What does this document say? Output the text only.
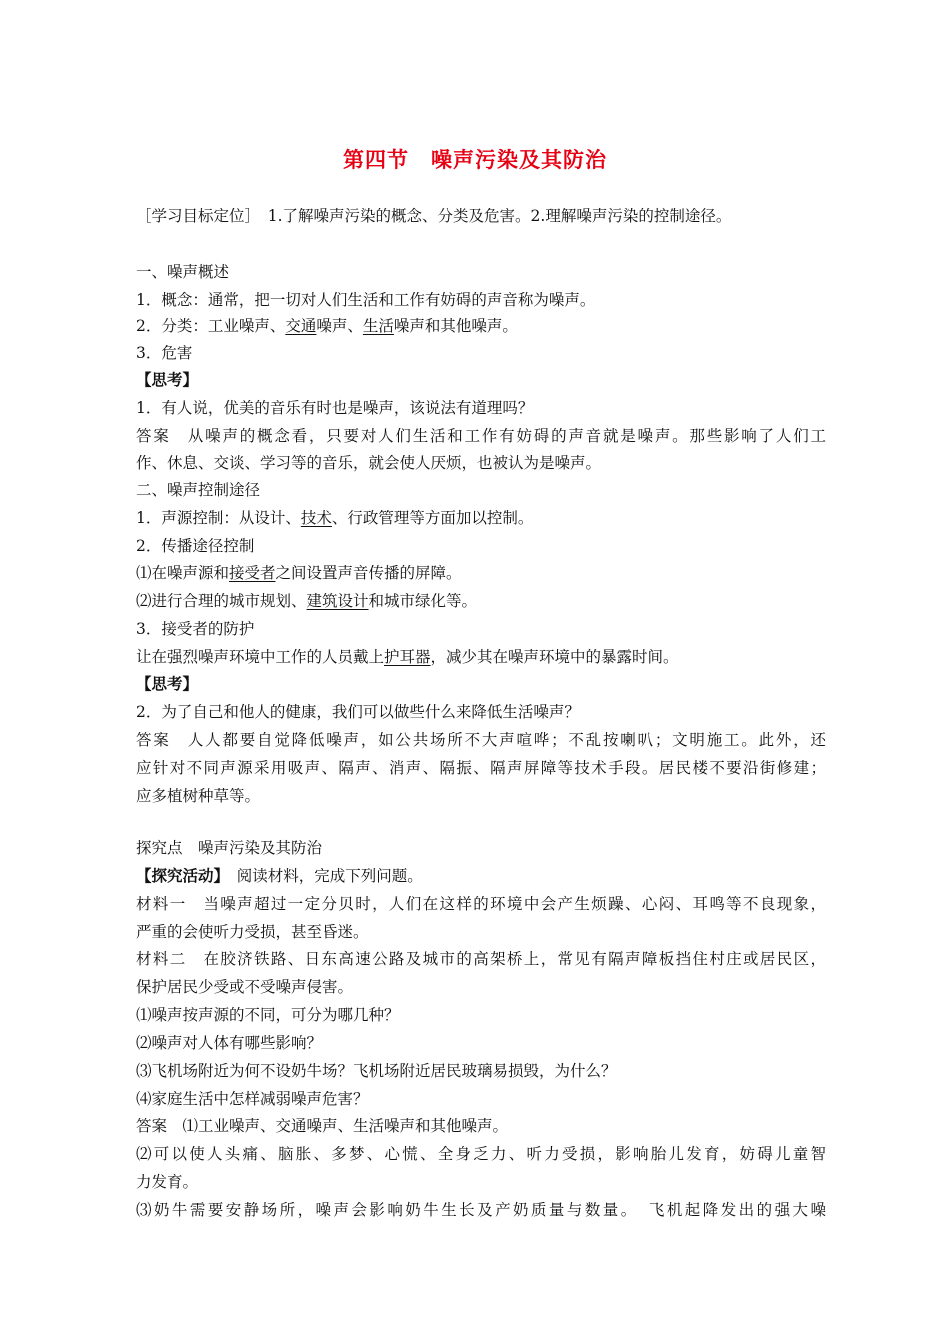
第四节　噪声污染及其防治
［学习目标定位］　1.了解噪声污染的概念、分类及危害。2.理解噪声污染的控制途径。
一、噪声概述
1．概念：通常，把一切对人们生活和工作有妨碍的声音称为噪声。
2．分类：工业噪声、交通噪声、生活噪声和其他噪声。
3．危害
【思考】
1．有人说，优美的音乐有时也是噪声，该说法有道理吗？
答案　从噪声的概念看，只要对人们生活和工作有妨碍的声音就是噪声。那些影响了人们工
作、休息、交谈、学习等的音乐，就会使人厌烦，也被认为是噪声。
二、噪声控制途径
1．声源控制：从设计、技术、行政管理等方面加以控制。
2．传播途径控制
⑴在噪声源和接受者之间设置声音传播的屏障。
⑵进行合理的城市规划、建筑设计和城市绿化等。
3．接受者的防护
让在强烈噪声环境中工作的人员戴上护耳器，减少其在噪声环境中的暴露时间。
【思考】
2．为了自己和他人的健康，我们可以做些什么来降低生活噪声？
答案　人人都要自觉降低噪声，如公共场所不大声喧哗；不乱按喇叭；文明施工。此外，还
应针对不同声源采用吸声、隔声、消声、隔振、隔声屏障等技术手段。居民楼不要沿街修建；
应多植树种草等。
探究点　噪声污染及其防治
【探究活动】　阅读材料，完成下列问题。
材料一　当噪声超过一定分贝时，人们在这样的环境中会产生烦躁、心闷、耳鸣等不良现象，
严重的会使听力受损，甚至昏迷。
材料二　在胶济铁路、日东高速公路及城市的高架桥上，常见有隔声障板挡住村庄或居民区，
保护居民少受或不受噪声侵害。
⑴噪声按声源的不同，可分为哪几种？
⑵噪声对人体有哪些影响？
⑶飞机场附近为何不设奶牛场？飞机场附近居民玻璃易损毁，为什么？
⑷家庭生活中怎样减弱噪声危害？
答案　⑴工业噪声、交通噪声、生活噪声和其他噪声。
⑵可以使人头痛、脑胀、多梦、心慌、全身乏力、听力受损，影响胎儿发育，妨碍儿童智
力发育。
⑶奶牛需要安静场所，噪声会影响奶牛生长及产奶质量与数量。　飞机起降发出的强大噪
